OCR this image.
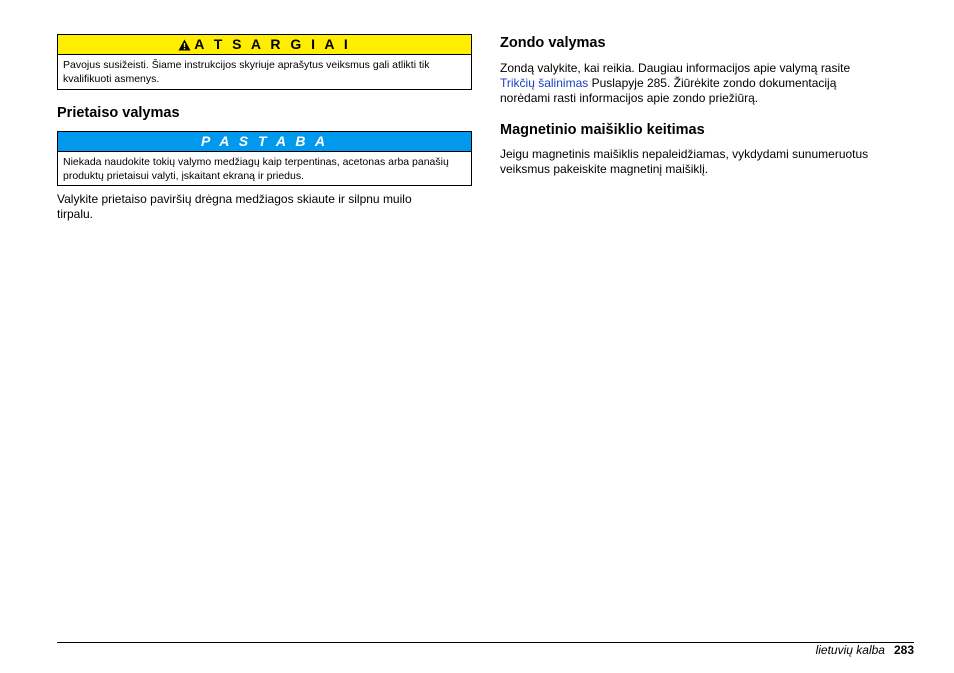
A T S A R G I A I
Pavojus susižeisti. Šiame instrukcijos skyriuje aprašytus veiksmus gali atlikti tik kvalifikuoti asmenys.
Prietaiso valymas
P A S T A B A
Niekada naudokite tokių valymo medžiagų kaip terpentinas, acetonas arba panašių produktų prietaisui valyti, įskaitant ekraną ir priedus.

Valykite prietaiso paviršių drėgna medžiagos skiaute ir silpnu muilo tirpalu.

Zondo valymas

Zondą valykite, kai reikia. Daugiau informacijos apie valymą rasite Trikčių šalinimas Puslapyje 285. Žiūrėkite zondo dokumentaciją norėdami rasti informacijos apie zondo priežiūrą.

Magnetinio maišiklio keitimas

Jeigu magnetinis maišiklis nepaleidžiamas, vykdydami sunumeruotus veiksmus pakeiskite magnetinį maišiklį.

lietuvių kalba 283
